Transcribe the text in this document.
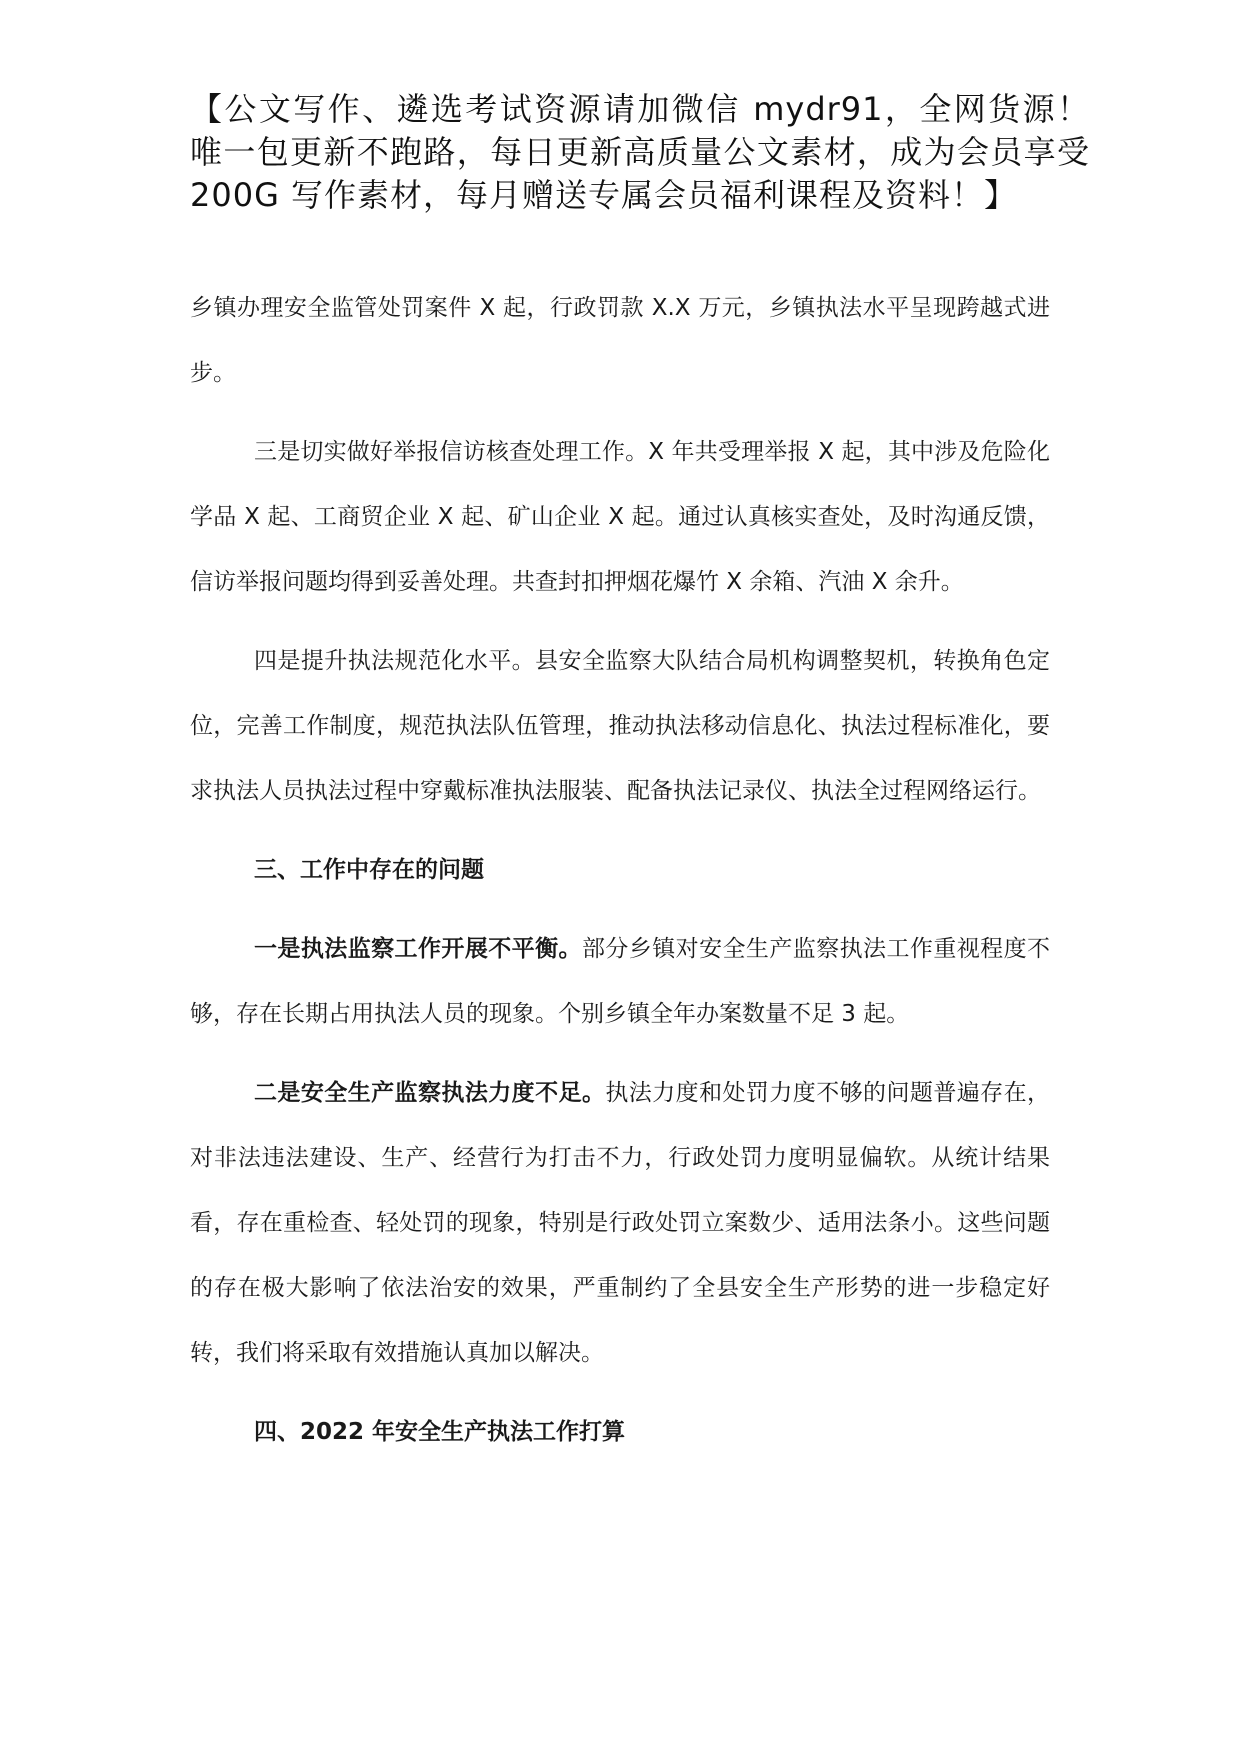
【公文写作、遴选考试资源请加微信 mydr91，全网货源！唯一包更新不跑路，每日更新高质量公文素材，成为会员享受 200G 写作素材，每月赠送专属会员福利课程及资料！】

乡镇办理安全监管处罚案件 X 起，行政罚款 X.X 万元，乡镇执法水平呈现跨越式进步。

三是切实做好举报信访核查处理工作。X 年共受理举报 X 起，其中涉及危险化学品 X 起、工商贸企业 X 起、矿山企业 X 起。通过认真核实查处，及时沟通反馈，信访举报问题均得到妥善处理。共查封扣押烟花爆竹 X 余箱、汽油 X 余升。

四是提升执法规范化水平。县安全监察大队结合局机构调整契机，转换角色定位，完善工作制度，规范执法队伍管理，推动执法移动信息化、执法过程标准化，要求执法人员执法过程中穿戴标准执法服装、配备执法记录仪、执法全过程网络运行。

三、工作中存在的问题

一是执法监察工作开展不平衡。部分乡镇对安全生产监察执法工作重视程度不够，存在长期占用执法人员的现象。个别乡镇全年办案数量不足 3 起。

二是安全生产监察执法力度不足。执法力度和处罚力度不够的问题普遍存在，对非法违法建设、生产、经营行为打击不力，行政处罚力度明显偏软。从统计结果看，存在重检查、轻处罚的现象，特别是行政处罚立案数少、适用法条小。这些问题的存在极大影响了依法治安的效果，严重制约了全县安全生产形势的进一步稳定好转，我们将采取有效措施认真加以解决。

四、2022 年安全生产执法工作打算
